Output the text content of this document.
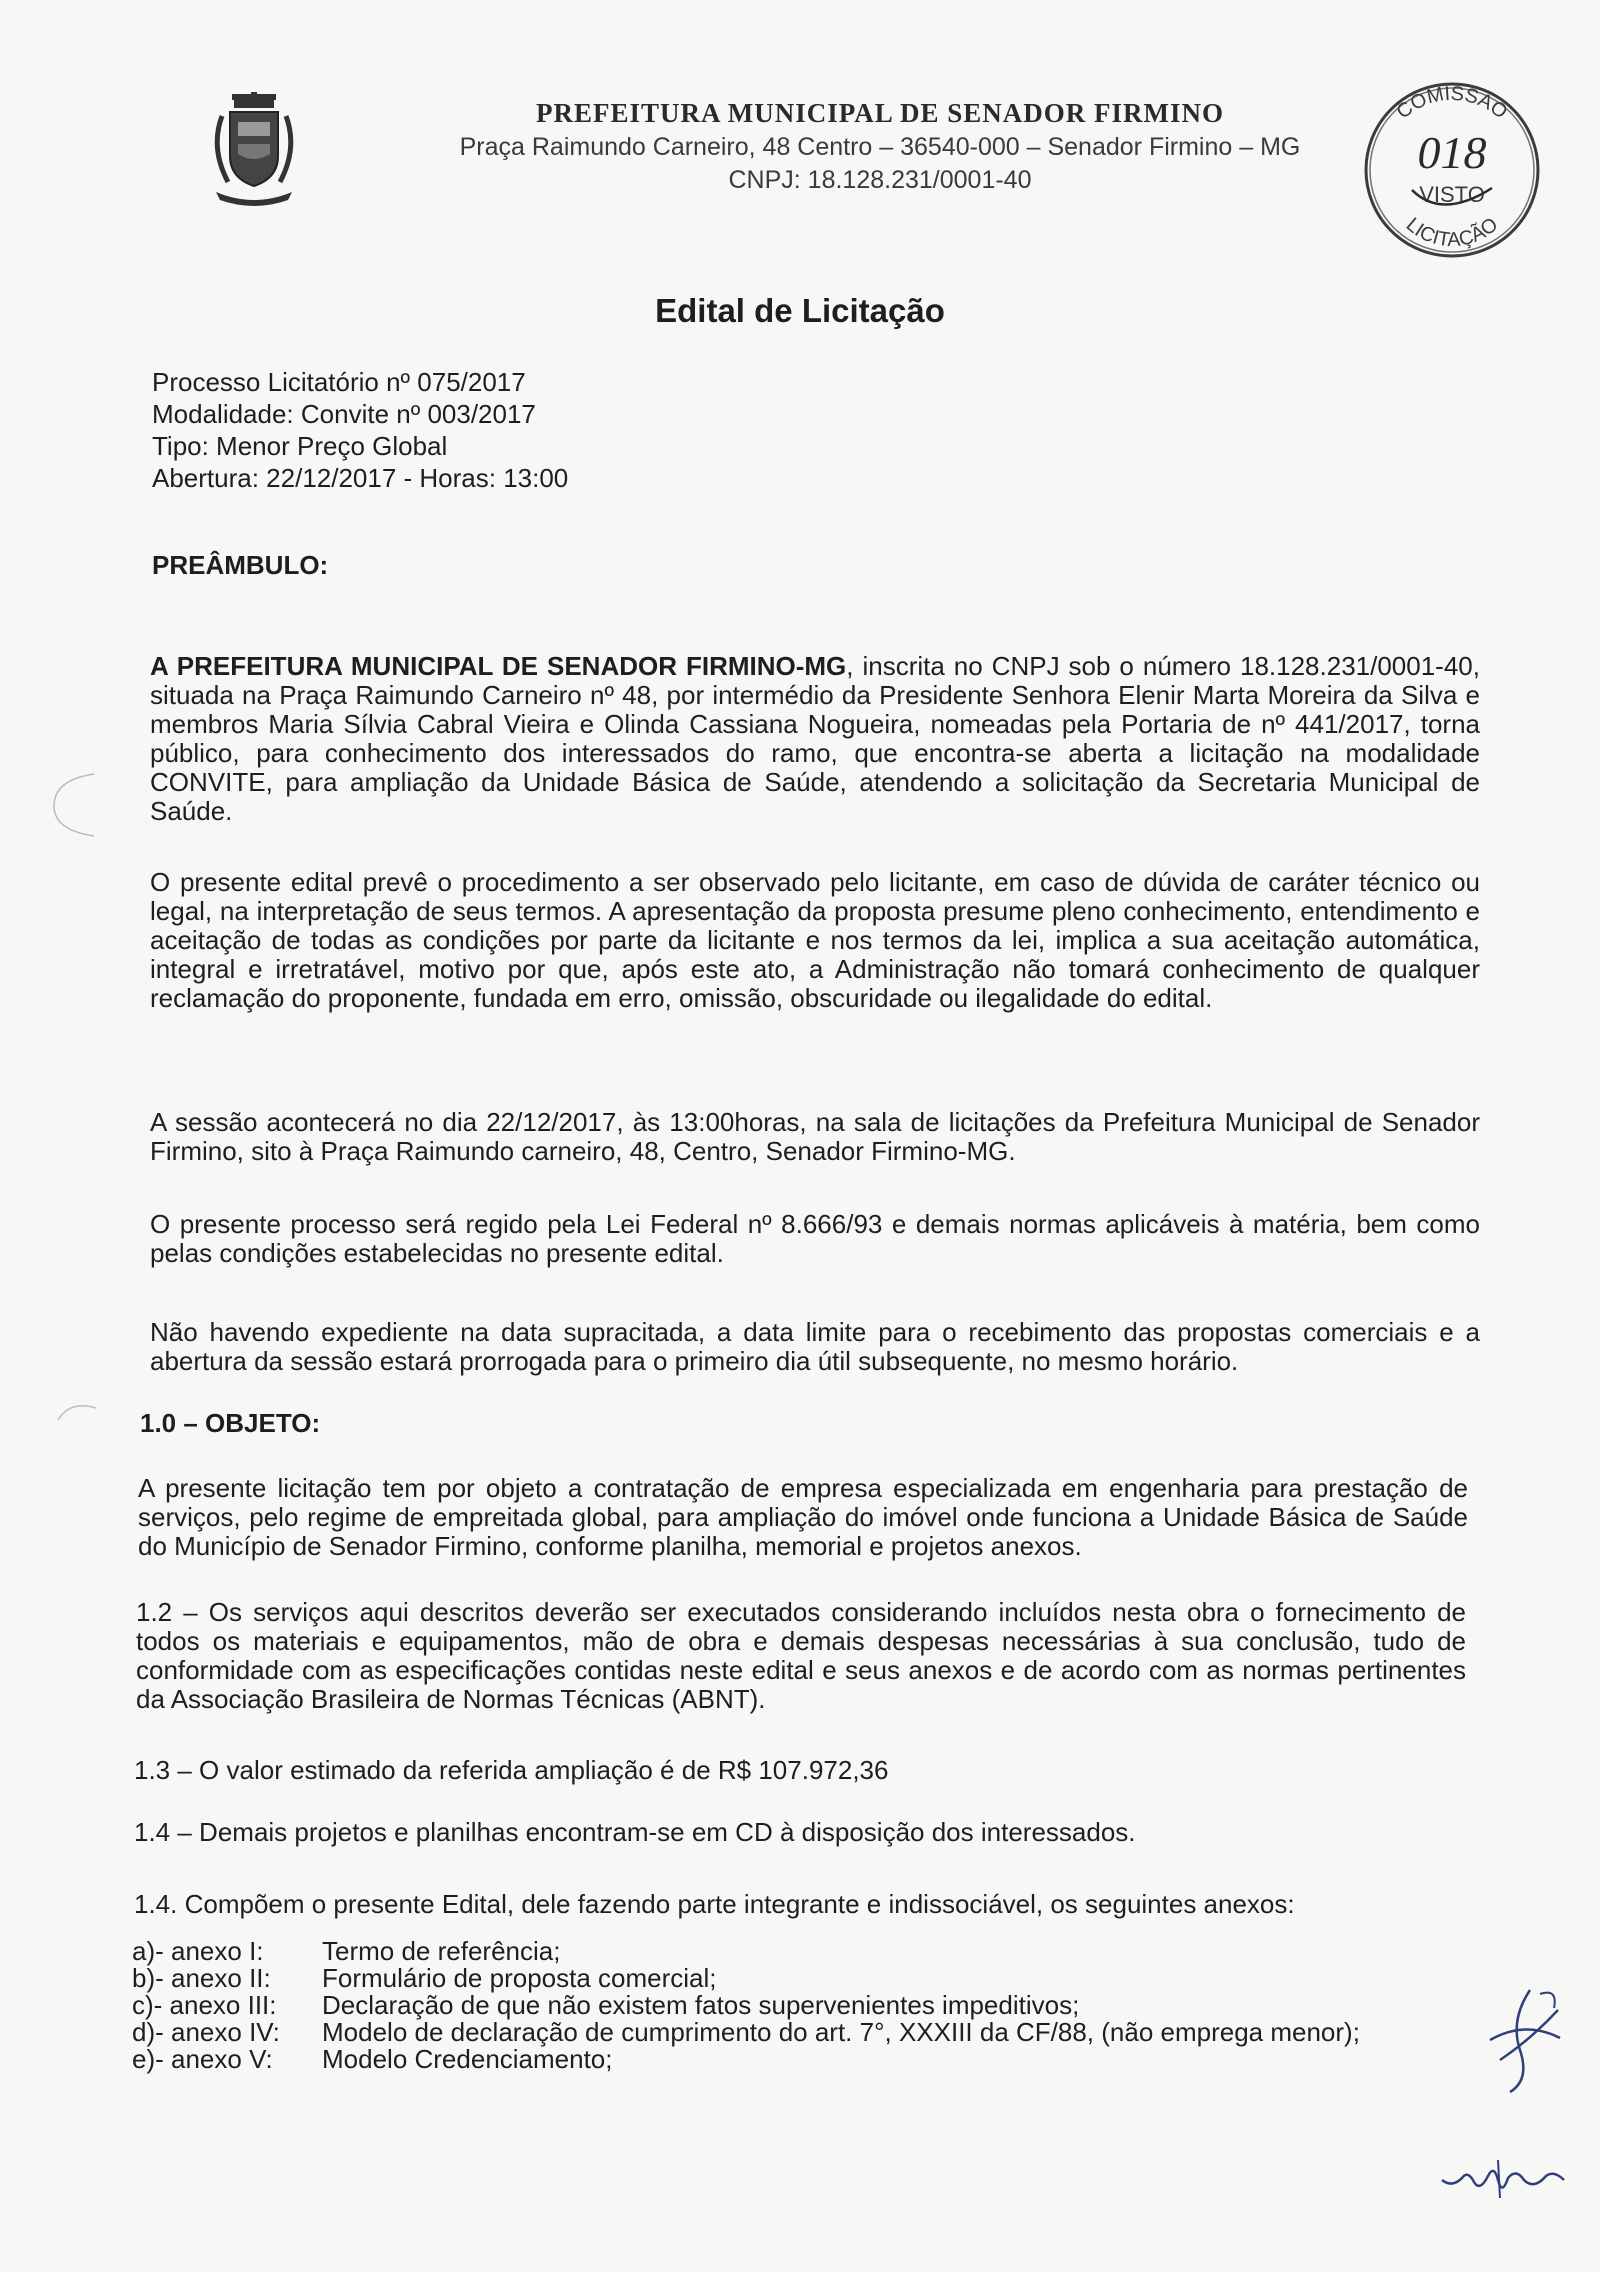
PREFEITURA MUNICIPAL DE SENADOR FIRMINO
Praça Raimundo Carneiro, 48 Centro – 36540-000 – Senador Firmino – MG
CNPJ: 18.128.231/0001-40
COMISSÃO
LICITAÇÃO
018
VISTO
Edital de Licitação
Processo Licitatório nº 075/2017
Modalidade: Convite nº 003/2017
Tipo: Menor Preço Global
Abertura: 22/12/2017 - Horas: 13:00
PREÂMBULO:
A PREFEITURA MUNICIPAL DE SENADOR FIRMINO-MG, inscrita no CNPJ sob o número 18.128.231/0001-40, situada na Praça Raimundo Carneiro nº 48, por intermédio da Presidente Senhora Elenir Marta Moreira da Silva e membros Maria Sílvia Cabral Vieira e Olinda Cassiana Nogueira, nomeadas pela Portaria de nº 441/2017, torna público, para conhecimento dos interessados do ramo, que encontra-se aberta a licitação na modalidade CONVITE, para ampliação da Unidade Básica de Saúde, atendendo a solicitação da Secretaria Municipal de Saúde.
O presente edital prevê o procedimento a ser observado pelo licitante, em caso de dúvida de caráter técnico ou legal, na interpretação de seus termos. A apresentação da proposta presume pleno conhecimento, entendimento e aceitação de todas as condições por parte da licitante e nos termos da lei, implica a sua aceitação automática, integral e irretratável, motivo por que, após este ato, a Administração não tomará conhecimento de qualquer reclamação do proponente, fundada em erro, omissão, obscuridade ou ilegalidade do edital.
A sessão acontecerá no dia 22/12/2017, às 13:00horas, na sala de licitações da Prefeitura Municipal de Senador Firmino, sito à Praça Raimundo carneiro, 48, Centro, Senador Firmino-MG.
O presente processo será regido pela Lei Federal nº 8.666/93 e demais normas aplicáveis à matéria, bem como pelas condições estabelecidas no presente edital.
Não havendo expediente na data supracitada, a data limite para o recebimento das propostas comerciais e a abertura da sessão estará prorrogada para o primeiro dia útil subsequente, no mesmo horário.
1.0 – OBJETO:
A presente licitação tem por objeto a contratação de empresa especializada em engenharia para prestação de serviços, pelo regime de empreitada global, para ampliação do imóvel onde funciona a Unidade Básica de Saúde do Município de Senador Firmino, conforme planilha, memorial e projetos anexos.
1.2 – Os serviços aqui descritos deverão ser executados considerando incluídos nesta obra o fornecimento de todos os materiais e equipamentos, mão de obra e demais despesas necessárias à sua conclusão, tudo de conformidade com as especificações contidas neste edital e seus anexos e de acordo com as normas pertinentes da Associação Brasileira de Normas Técnicas (ABNT).
1.3 – O valor estimado da referida ampliação é de R$ 107.972,36
1.4 – Demais projetos e planilhas encontram-se em CD à disposição dos interessados.
1.4. Compõem o presente Edital, dele fazendo parte integrante e indissociável, os seguintes anexos:
a)- anexo I:	Termo de referência;
b)- anexo II:	Formulário de proposta comercial;
c)- anexo III:	Declaração de que não existem fatos supervenientes impeditivos;
d)- anexo IV:	Modelo de declaração de cumprimento do art. 7°, XXXIII da CF/88, (não emprega menor);
e)- anexo V:	Modelo Credenciamento;
